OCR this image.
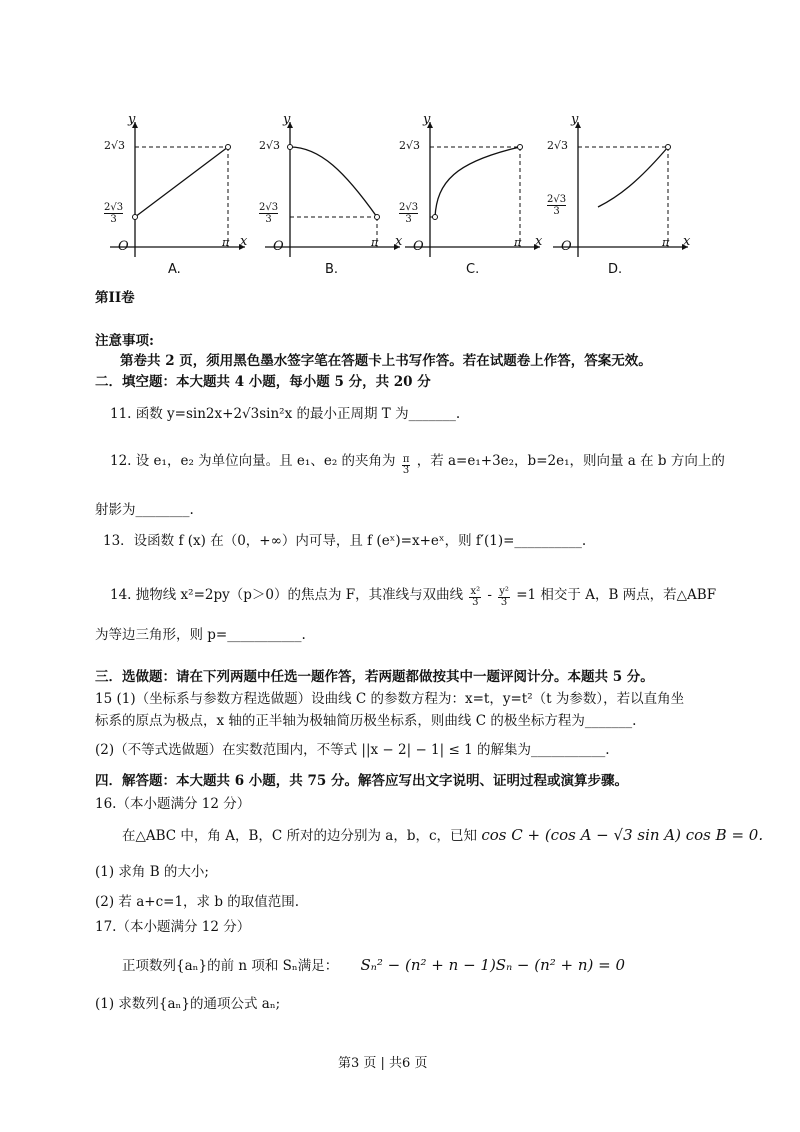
y
x
O
2√3
2√3
3
π
A.
y
x
O
2√3
2√3
3
π
B.
y
x
O
2√3
2√3
3
π
C.
y
x
O
2√3
2√3
3
π
D.
第II卷
注意事项:
第卷共 2 页，须用黑色墨水签字笔在答题卡上书写作答。若在试题卷上作答，答案无效。
二．填空题：本大题共 4 小题，每小题 5 分，共 20 分
11. 函数 y=sin2x+2√3sin²x 的最小正周期 T 为_______.
12. 设 e₁，e₂ 为单位向量。且 e₁、e₂ 的夹角为 $\frac{\pi}{3}$ ，若 a=e₁+3e₂，b=2e₁，则向量 a 在 b 方向上的
射影为________.
13．设函数 f (x) 在（0，+∞）内可导，且 f (eˣ)=x+eˣ，则 f′(1)=__________.
14. 抛物线 x²=2py（p＞0）的焦点为 F，其准线与双曲线 $\frac{\text{x²}}{3} - \frac{\text{y²}}{3} =1$ 相交于 A，B 两点，若△ABF
为等边三角形，则 p=___________.
三．选做题：请在下列两题中任选一题作答，若两题都做按其中一题评阅计分。本题共 5 分。
15 (1)（坐标系与参数方程选做题）设曲线 C 的参数方程为：x=t，y=t²（t 为参数），若以直角坐
标系的原点为极点，x 轴的正半轴为极轴简历极坐标系，则曲线 C 的极坐标方程为_______.
(2)（不等式选做题）在实数范围内，不等式 ||x − 2| − 1| ≤ 1 的解集为___________.
四．解答题：本大题共 6 小题，共 75 分。解答应写出文字说明、证明过程或演算步骤。
16.（本小题满分 12 分）
在△ABC 中，角 A，B，C 所对的边分别为 a，b，c，已知 cos C + (cos A − √3 sin A) cos B = 0.
(1) 求角 B 的大小;
(2) 若 a+c=1，求 b 的取值范围.
17.（本小题满分 12 分）
正项数列{aₙ}的前 n 项和 Sₙ满足： Sₙ² − (n² + n − 1)Sₙ − (n² + n) = 0
(1) 求数列{aₙ}的通项公式 aₙ;
第3 页 | 共6 页
